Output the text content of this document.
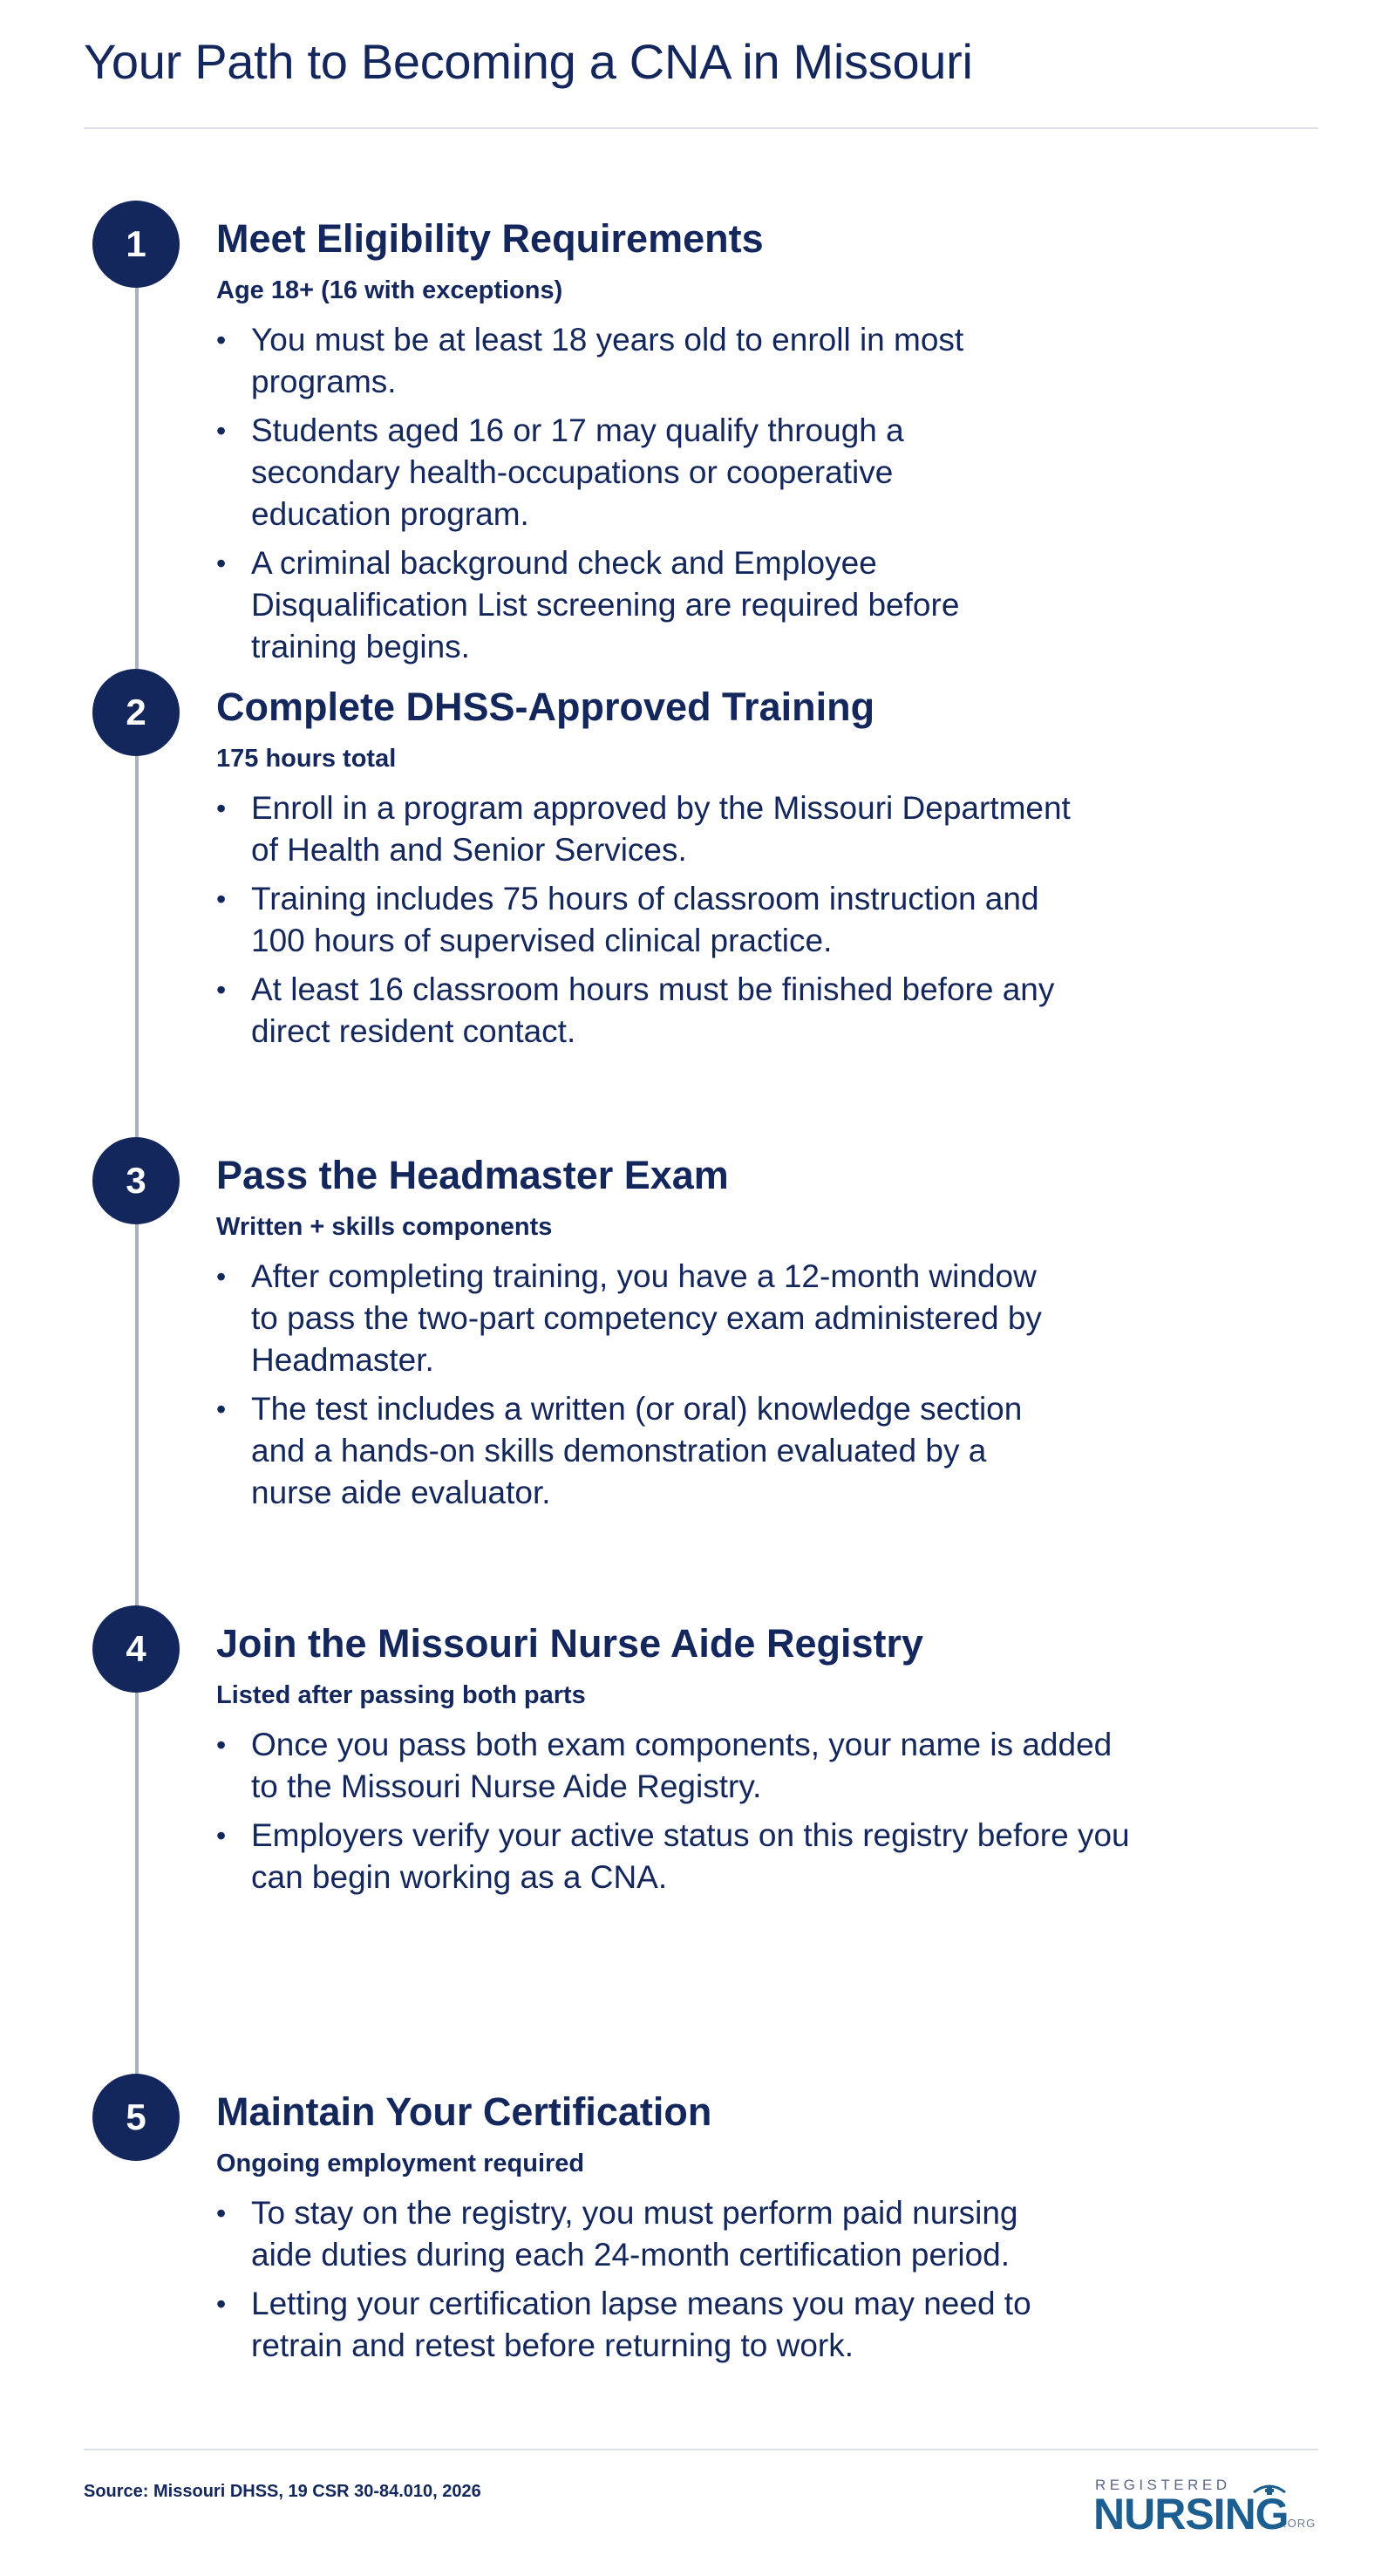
Your Path to Becoming a CNA in Missouri
1	Meet Eligibility Requirements
Age 18+ (16 with exceptions)
• You must be at least 18 years old to enroll in most programs.
• Students aged 16 or 17 may qualify through a secondary health-occupations or cooperative education program.
• A criminal background check and Employee Disqualification List screening are required before training begins.
2	Complete DHSS-Approved Training
175 hours total
• Enroll in a program approved by the Missouri Department of Health and Senior Services.
• Training includes 75 hours of classroom instruction and 100 hours of supervised clinical practice.
• At least 16 classroom hours must be finished before any direct resident contact.
3	Pass the Headmaster Exam
Written + skills components
• After completing training, you have a 12-month window to pass the two-part competency exam administered by Headmaster.
• The test includes a written (or oral) knowledge section and a hands-on skills demonstration evaluated by a nurse aide evaluator.
4	Join the Missouri Nurse Aide Registry
Listed after passing both parts
• Once you pass both exam components, your name is added to the Missouri Nurse Aide Registry.
• Employers verify your active status on this registry before you can begin working as a CNA.
5	Maintain Your Certification
Ongoing employment required
• To stay on the registry, you must perform paid nursing aide duties during each 24-month certification period.
• Letting your certification lapse means you may need to retrain and retest before returning to work.
Source: Missouri DHSS, 19 CSR 30-84.010, 2026	REGISTERED
NURSING
.ORG
